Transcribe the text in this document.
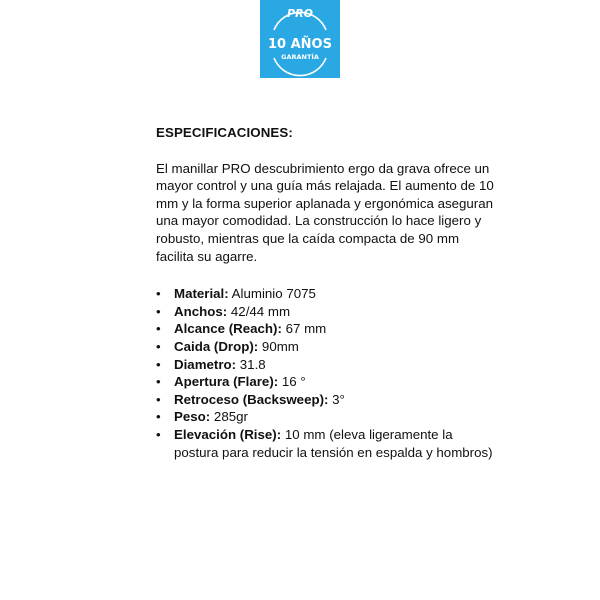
PRO
10 AÑOS
GARANTÍA

ESPECIFICACIONES:

El manillar PRO descubrimiento ergo da grava ofrece un mayor control y una guía más relajada. El aumento de 10 mm y la forma superior aplanada y ergonómica aseguran una mayor comodidad. La construcción lo hace ligero y robusto, mientras que la caída compacta de 90 mm facilita su agarre.

• Material: Aluminio 7075
• Anchos: 42/44 mm
• Alcance (Reach): 67 mm
• Caida (Drop): 90mm
• Diametro: 31.8
• Apertura (Flare): 16 °
• Retroceso (Backsweep): 3°
• Peso: 285gr
• Elevación (Rise): 10 mm (eleva ligeramente la postura para reducir la tensión en espalda y hombros)
